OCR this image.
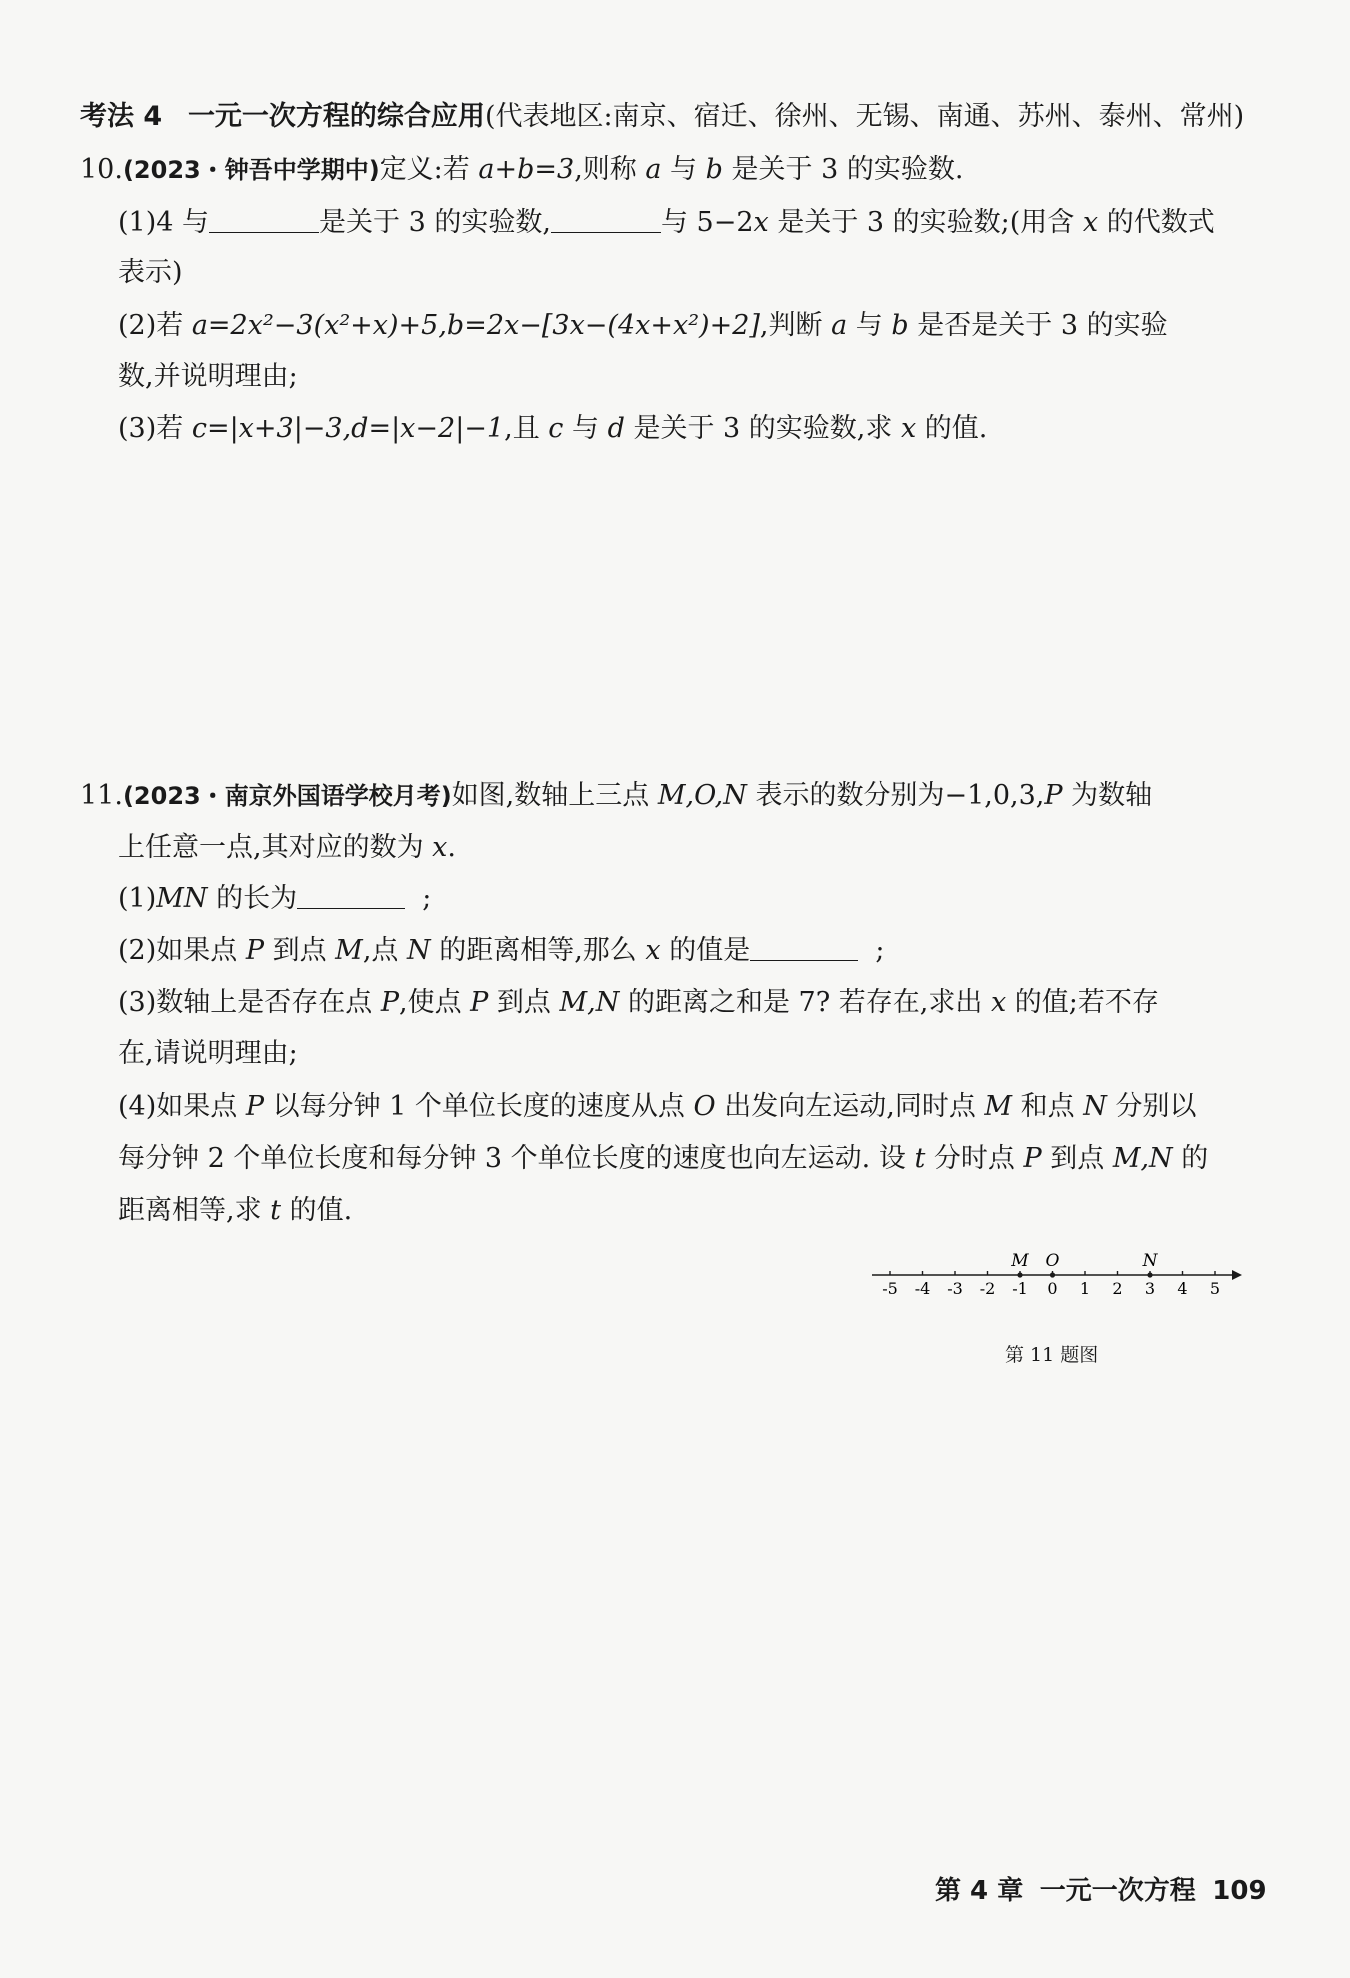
考法 4 一元一次方程的综合应用(代表地区:南京、宿迁、徐州、无锡、南通、苏州、泰州、常州)
10.(2023・钟吾中学期中)定义:若 a+b=3,则称 a 与 b 是关于 3 的实验数.
(1)4 与	是关于 3 的实验数,	与 5−2x 是关于 3 的实验数;(用含 x 的代数式
表示)
(2)若 a=2x²−3(x²+x)+5,b=2x−[3x−(4x+x²)+2],判断 a 与 b 是否是关于 3 的实验
数,并说明理由;
(3)若 c=|x+3|−3,d=|x−2|−1,且 c 与 d 是关于 3 的实验数,求 x 的值.
11.(2023・南京外国语学校月考)如图,数轴上三点 M,O,N 表示的数分别为−1,0,3,P 为数轴
上任意一点,其对应的数为 x.
(1)MN 的长为	;
(2)如果点 P 到点 M,点 N 的距离相等,那么 x 的值是	;
(3)数轴上是否存在点 P,使点 P 到点 M,N 的距离之和是 7? 若存在,求出 x 的值;若不存
在,请说明理由;
(4)如果点 P 以每分钟 1 个单位长度的速度从点 O 出发向左运动,同时点 M 和点 N 分别以
每分钟 2 个单位长度和每分钟 3 个单位长度的速度也向左运动. 设 t 分时点 P 到点 M,N 的
距离相等,求 t 的值.
-5 -4 -3 -2 -1 0 1 2 3 4 5
M O	N
第 11 题图
第 4 章 一元一次方程 109
